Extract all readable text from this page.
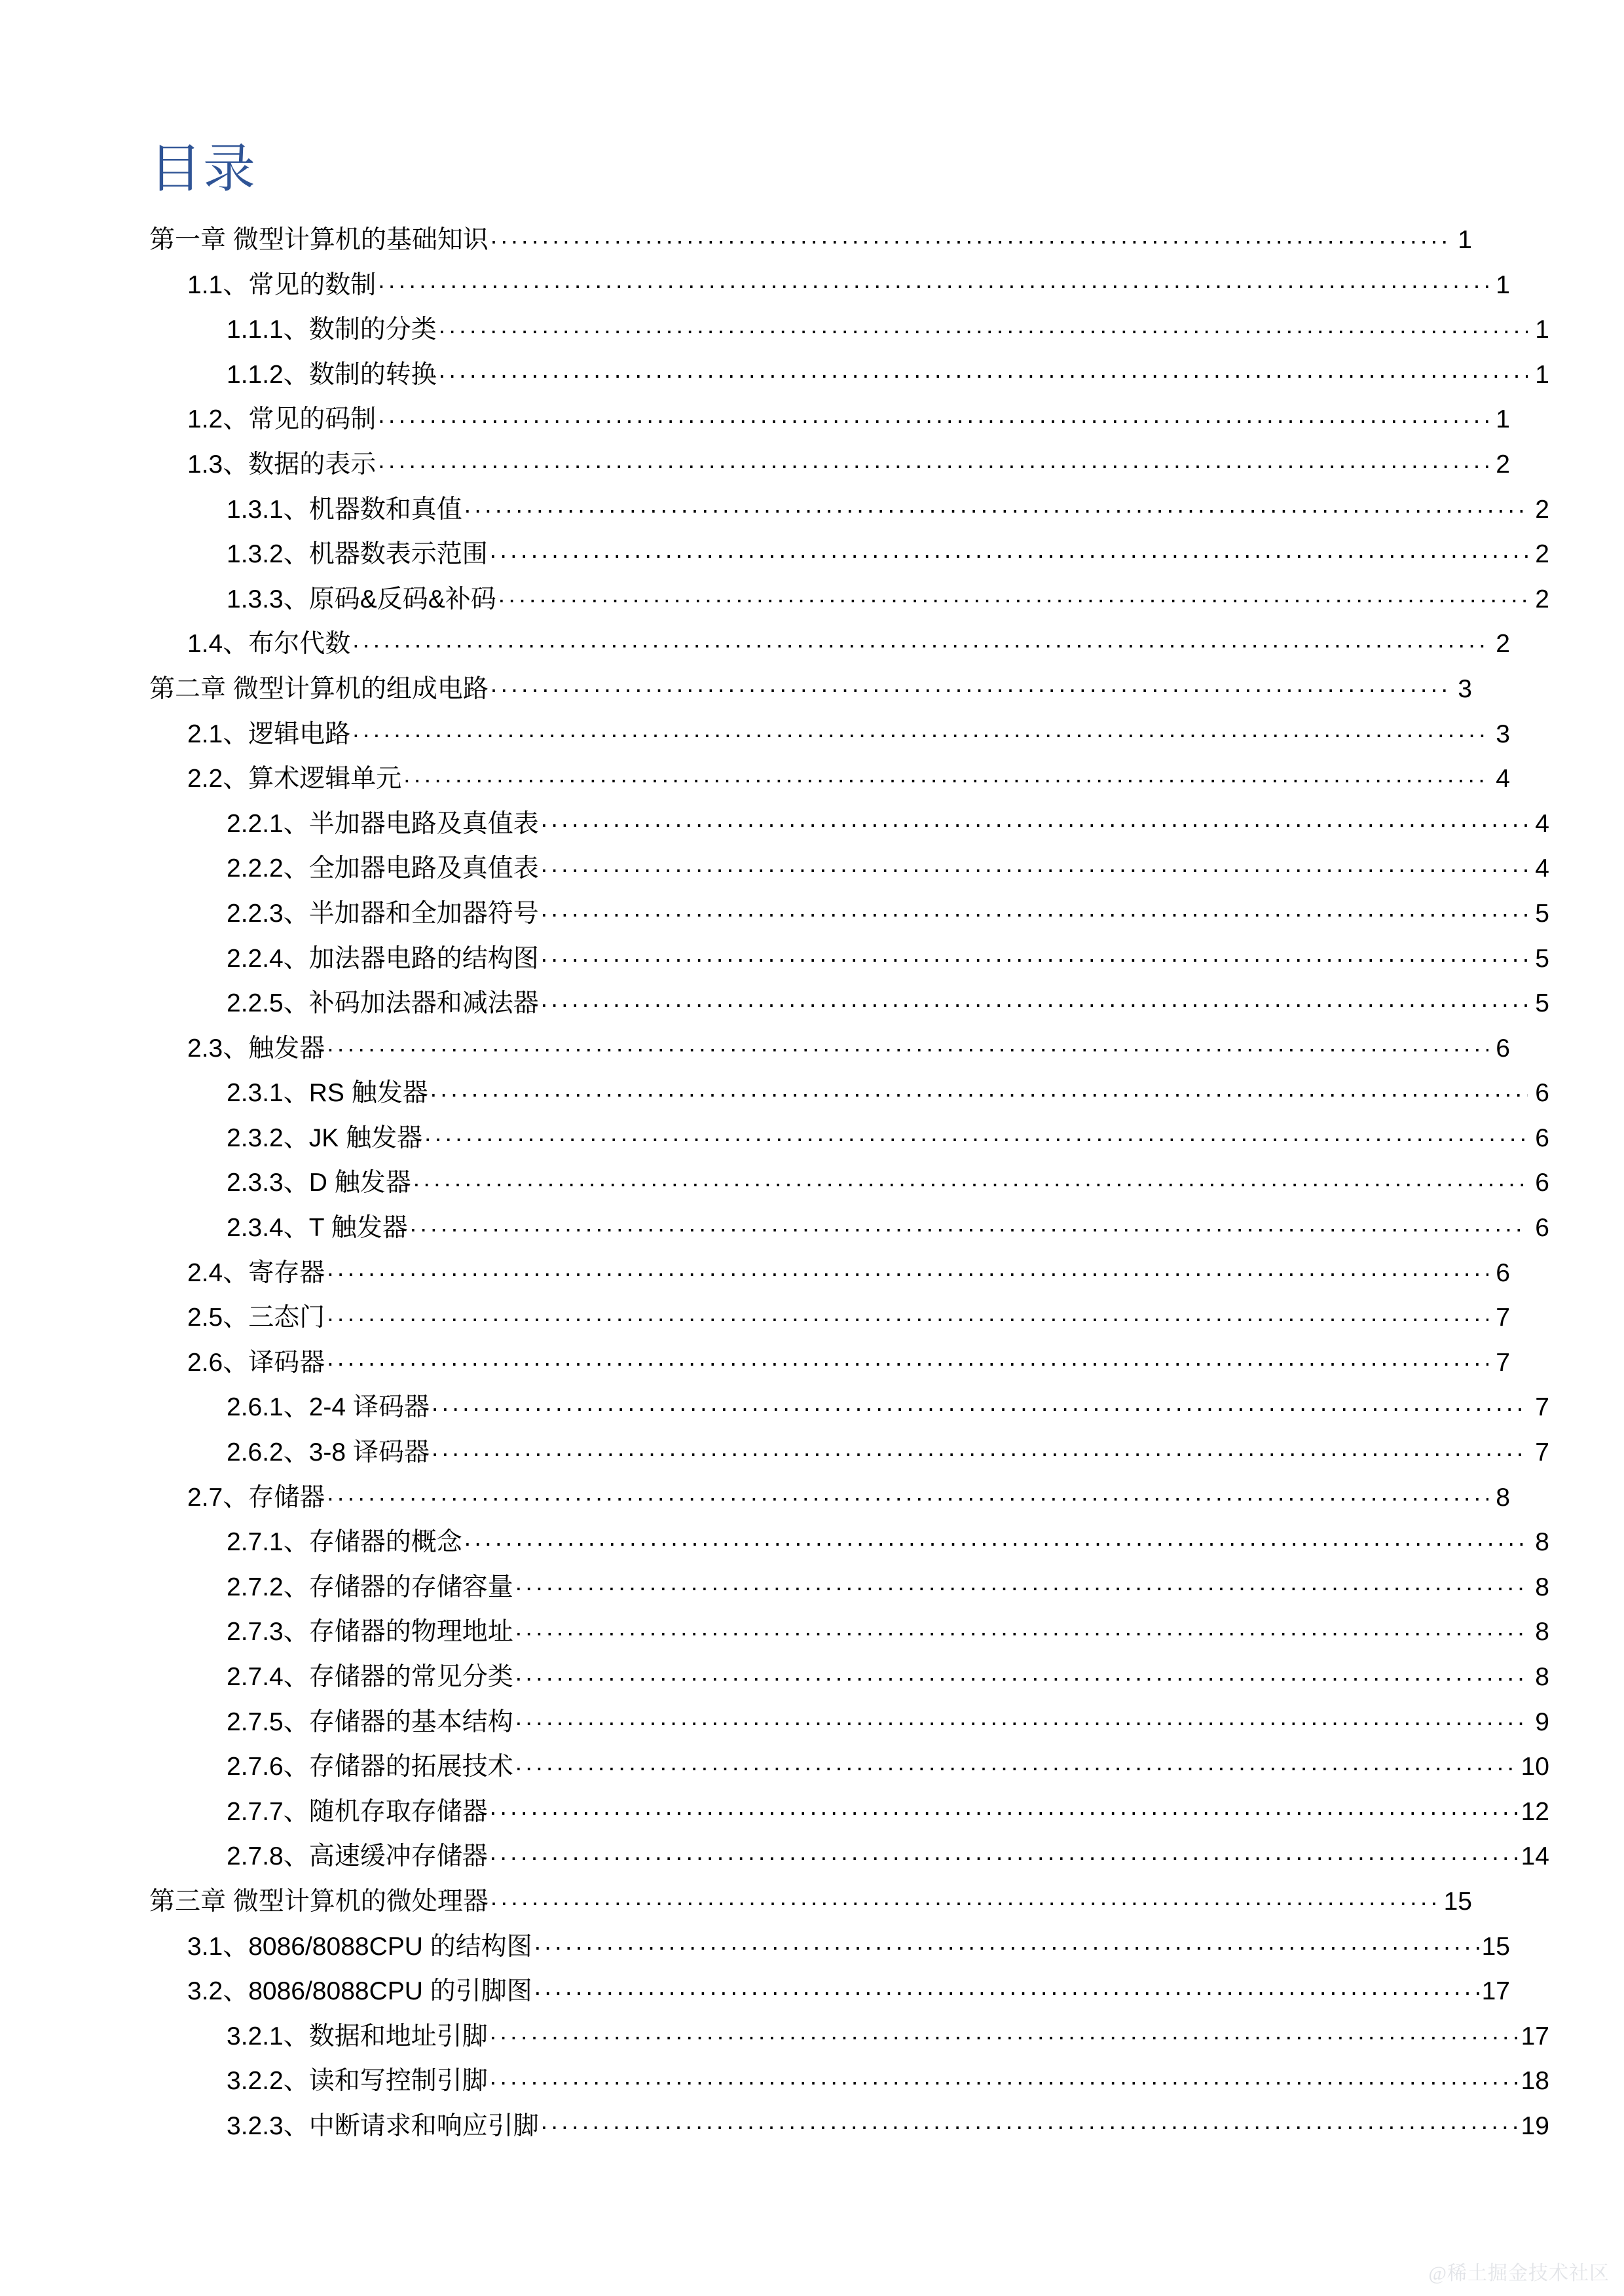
目录
第一章 微型计算机的基础知识 .....	1
1.1、常见的数制 .....	1
1.1.1、数制的分类 .....	1
1.1.2、数制的转换 .....	1
1.2、常见的码制 .....	1
1.3、数据的表示 .....	2
1.3.1、机器数和真值 .....	2
1.3.2、机器数表示范围 .....	2
1.3.3、原码&反码&补码 .....	2
1.4、布尔代数 .....	2
第二章 微型计算机的组成电路 .....	3
2.1、逻辑电路 .....	3
2.2、算术逻辑单元 .....	4
2.2.1、半加器电路及真值表 .....	4
2.2.2、全加器电路及真值表 .....	4
2.2.3、半加器和全加器符号 .....	5
2.2.4、加法器电路的结构图 .....	5
2.2.5、补码加法器和减法器 .....	5
2.3、触发器 .....	6
2.3.1、RS 触发器 .....	6
2.3.2、JK 触发器 .....	6
2.3.3、D 触发器 .....	6
2.3.4、T 触发器 .....	6
2.4、寄存器 .....	6
2.5、三态门 .....	7
2.6、译码器 .....	7
2.6.1、2-4 译码器 .....	7
2.6.2、3-8 译码器 .....	7
2.7、存储器 .....	8
2.7.1、存储器的概念 .....	8
2.7.2、存储器的存储容量 .....	8
2.7.3、存储器的物理地址 .....	8
2.7.4、存储器的常见分类 .....	8
2.7.5、存储器的基本结构 .....	9
2.7.6、存储器的拓展技术 .....	10
2.7.7、随机存取存储器 .....	12
2.7.8、高速缓冲存储器 .....	14
第三章 微型计算机的微处理器 .....	15
3.1、8086/8088CPU 的结构图 .....	15
3.2、8086/8088CPU 的引脚图 .....	17
3.2.1、数据和地址引脚 .....	17
3.2.2、读和写控制引脚 .....	18
3.2.3、中断请求和响应引脚 .....	19
@稀土掘金技术社区
